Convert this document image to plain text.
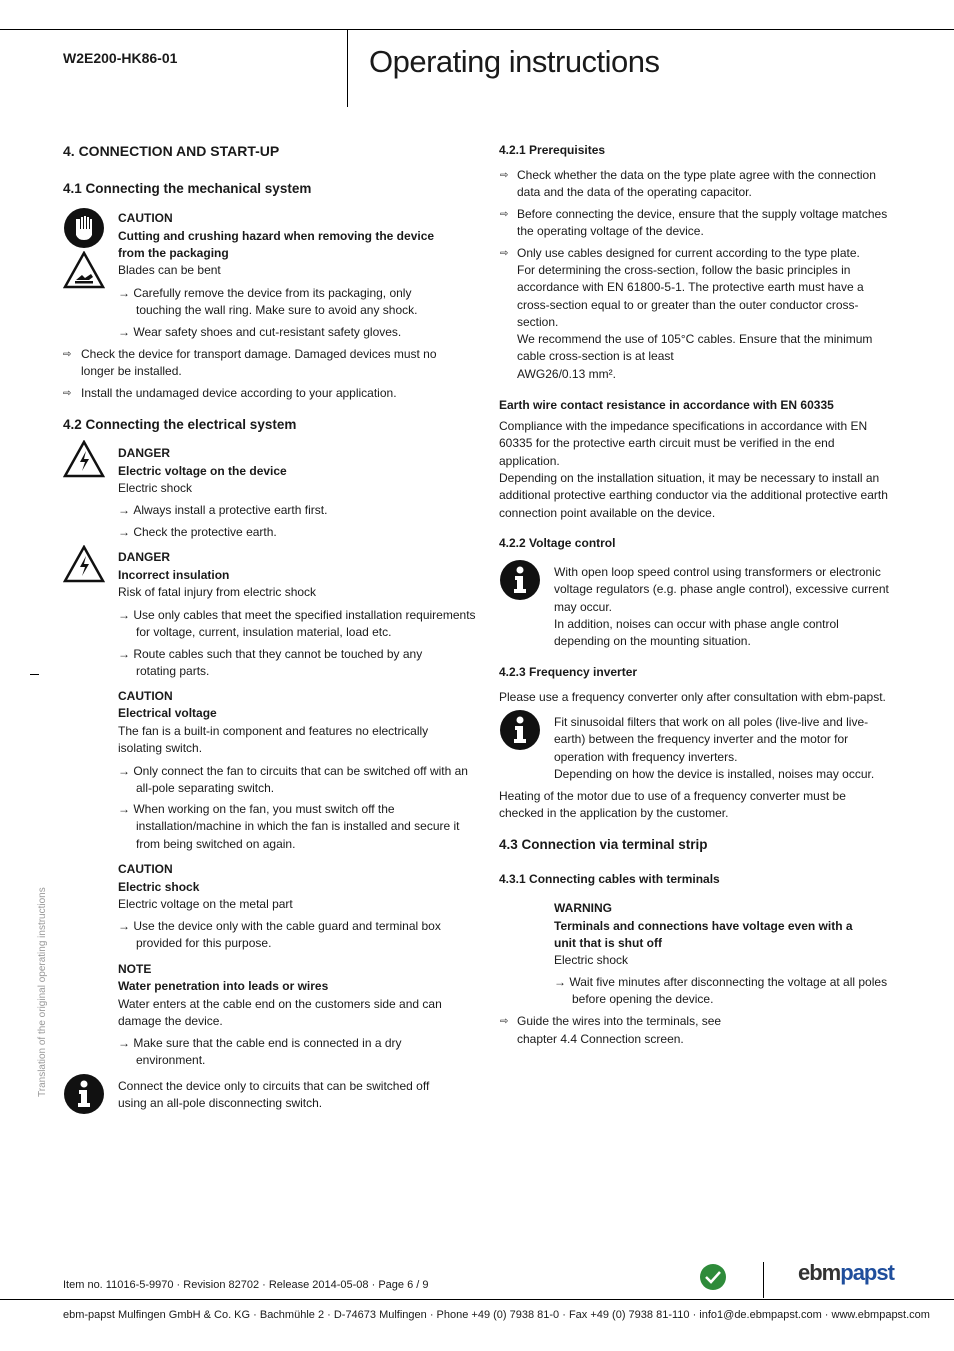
W2E200-HK86-01	Operating instructions
4. CONNECTION AND START-UP
4.1 Connecting the mechanical system
CAUTION
Cutting and crushing hazard when removing the device from the packaging
Blades can be bent
→ Carefully remove the device from its packaging, only touching the wall ring. Make sure to avoid any shock.
→ Wear safety shoes and cut-resistant safety gloves.
⇨ Check the device for transport damage. Damaged devices must no longer be installed.
⇨ Install the undamaged device according to your application.
4.2 Connecting the electrical system
DANGER
Electric voltage on the device
Electric shock
→ Always install a protective earth first.
→ Check the protective earth.
DANGER
Incorrect insulation
Risk of fatal injury from electric shock
→ Use only cables that meet the specified installation requirements for voltage, current, insulation material, load etc.
→ Route cables such that they cannot be touched by any rotating parts.
CAUTION
Electrical voltage
The fan is a built-in component and features no electrically isolating switch.
→ Only connect the fan to circuits that can be switched off with an all-pole separating switch.
→ When working on the fan, you must switch off the installation/machine in which the fan is installed and secure it from being switched on again.
CAUTION
Electric shock
Electric voltage on the metal part
→ Use the device only with the cable guard and terminal box provided for this purpose.
NOTE
Water penetration into leads or wires
Water enters at the cable end on the customers side and can damage the device.
→ Make sure that the cable end is connected in a dry environment.
Connect the device only to circuits that can be switched off using an all-pole disconnecting switch.
Translation of the original operating instructions
4.2.1 Prerequisites
⇨ Check whether the data on the type plate agree with the connection data and the data of the operating capacitor.
⇨ Before connecting the device, ensure that the supply voltage matches the operating voltage of the device.
⇨ Only use cables designed for current according to the type plate.
For determining the cross-section, follow the basic principles in accordance with EN 61800-5-1. The protective earth must have a cross-section equal to or greater than the outer conductor cross-section.
We recommend the use of 105°C cables. Ensure that the minimum cable cross-section is at least
AWG26/0.13 mm².
Earth wire contact resistance in accordance with EN 60335
Compliance with the impedance specifications in accordance with EN 60335 for the protective earth circuit must be verified in the end application.
Depending on the installation situation, it may be necessary to install an additional protective earthing conductor via the additional protective earth connection point available on the device.
4.2.2 Voltage control
With open loop speed control using transformers or electronic voltage regulators (e.g. phase angle control), excessive current may occur.
In addition, noises can occur with phase angle control depending on the mounting situation.
4.2.3 Frequency inverter
Please use a frequency converter only after consultation with ebm-papst.
Fit sinusoidal filters that work on all poles (live-live and live-earth) between the frequency inverter and the motor for operation with frequency inverters.
Depending on how the device is installed, noises may occur.
Heating of the motor due to use of a frequency converter must be checked in the application by the customer.
4.3 Connection via terminal strip
4.3.1 Connecting cables with terminals
WARNING
Terminals and connections have voltage even with a unit that is shut off
Electric shock
→ Wait five minutes after disconnecting the voltage at all poles before opening the device.
⇨ Guide the wires into the terminals, see
chapter 4.4 Connection screen.
Item no. 11016-5-9970 · Revision 82702 · Release 2014-05-08 · Page 6 / 9	ebmpapst
ebm-papst Mulfingen GmbH & Co. KG · Bachmühle 2 · D-74673 Mulfingen · Phone +49 (0) 7938 81-0 · Fax +49 (0) 7938 81-110 · info1@de.ebmpapst.com · www.ebmpapst.com
